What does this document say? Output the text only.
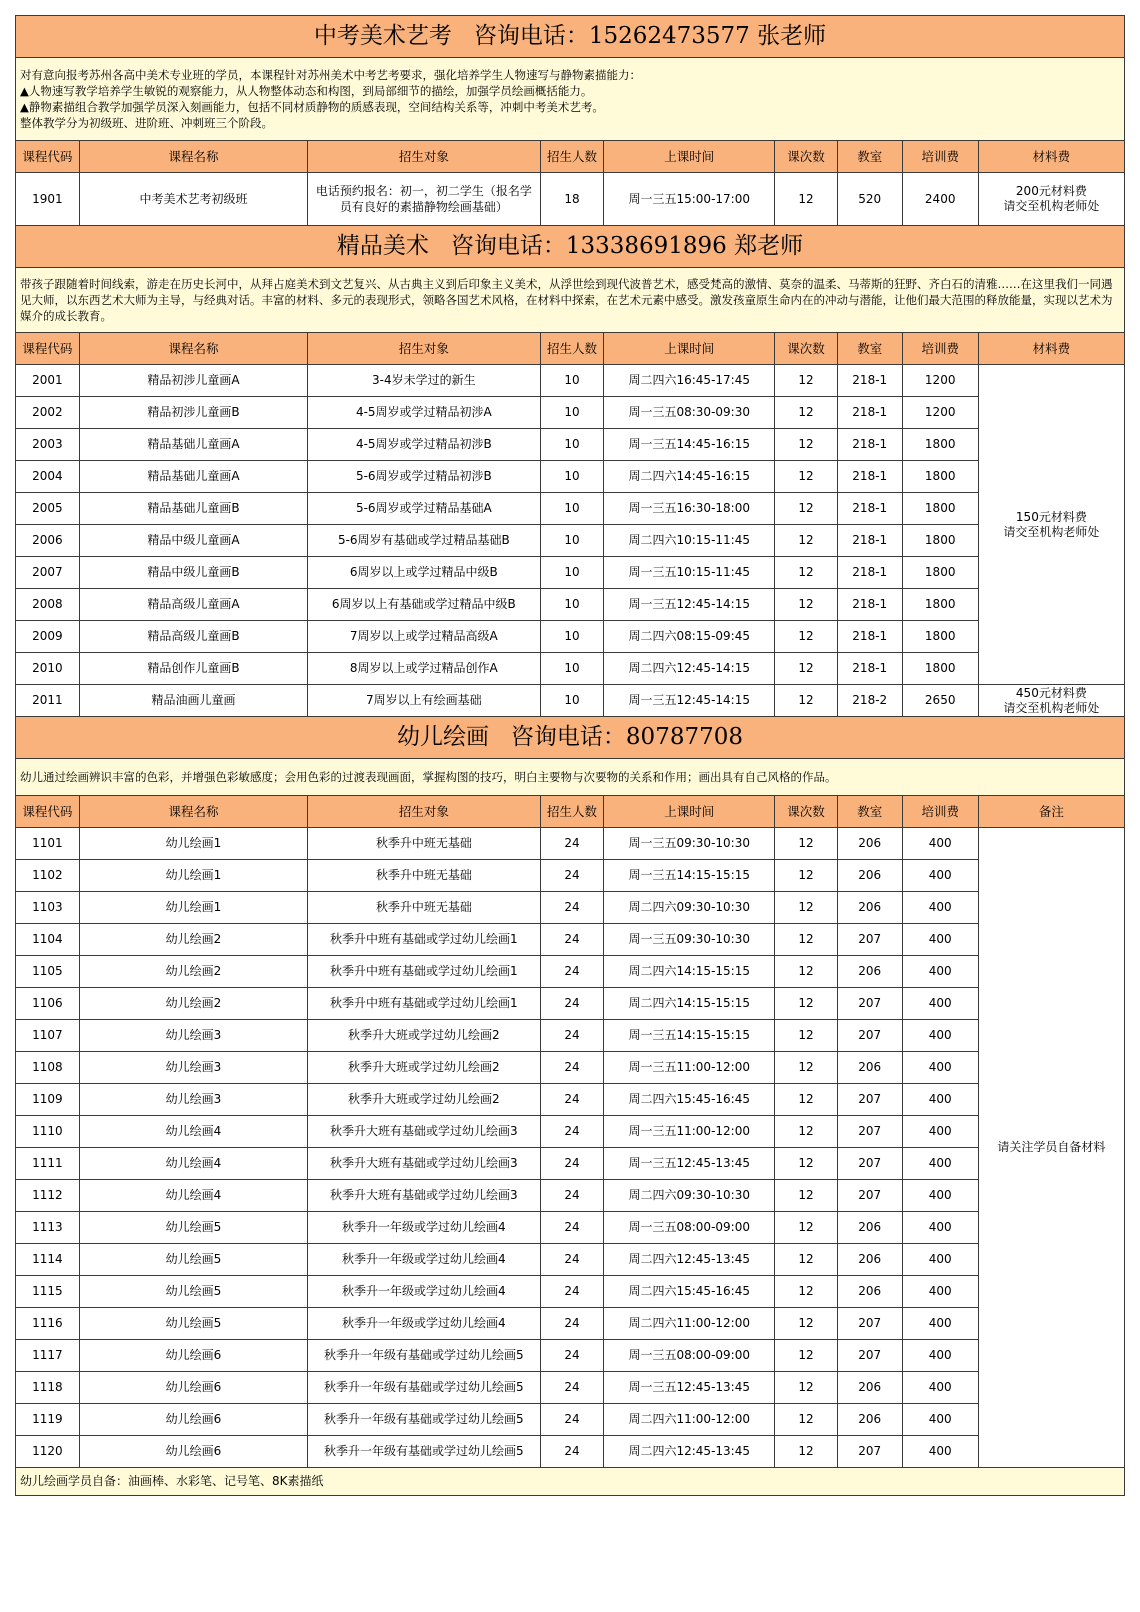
中考美术艺考 咨询电话：15262473577 张老师								

对有意向报考苏州各高中美术专业班的学员，本课程针对苏州美术中考艺考要求，强化培养学生人物速写与静物素描能力：
▲人物速写教学培养学生敏锐的观察能力，从人物整体动态和构图，到局部细节的描绘，加强学员绘画概括能力。
▲静物素描组合教学加强学员深入刻画能力，包括不同材质静物的质感表现，空间结构关系等，冲刺中考美术艺考。
整体教学分为初级班、进阶班、冲刺班三个阶段。								

课程代码	课程名称	招生对象	招生人数	上课时间	课次数	教室	培训费	材料费
1901	中考美术艺考初级班	电话预约报名：初一，初二学生（报名学员有良好的素描静物绘画基础）	18	周一三五15:00-17:00	12	520	2400	200元材料费
请交至机构老师处

精品美术 咨询电话：13338691896 郑老师								

带孩子跟随着时间线索，游走在历史长河中，从拜占庭美术到文艺复兴、从古典主义到后印象主义美术，从浮世绘到现代波普艺术，感受梵高的激情、莫奈的温柔、马蒂斯的狂野、齐白石的清雅……在这里我们一同遇见大师，以东西艺术大师为主导，与经典对话。丰富的材料、多元的表现形式，领略各国艺术风格，在材料中探索，在艺术元素中感受。激发孩童原生命内在的冲动与潜能，让他们最大范围的释放能量，实现以艺术为媒介的成长教育。								

课程代码	课程名称	招生对象	招生人数	上课时间	课次数	教室	培训费	材料费
2001	精品初涉儿童画A	3-4岁未学过的新生	10	周二四六16:45-17:45	12	218-1	1200	150元材料费
请交至机构老师处

2002	精品初涉儿童画B	4-5周岁或学过精品初涉A	10	周一三五08:30-09:30	12	218-1	1200	
2003	精品基础儿童画A	4-5周岁或学过精品初涉B	10	周一三五14:45-16:15	12	218-1	1800	
2004	精品基础儿童画A	5-6周岁或学过精品初涉B	10	周二四六14:45-16:15	12	218-1	1800	
2005	精品基础儿童画B	5-6周岁或学过精品基础A	10	周一三五16:30-18:00	12	218-1	1800	
2006	精品中级儿童画A	5-6周岁有基础或学过精品基础B	10	周二四六10:15-11:45	12	218-1	1800	
2007	精品中级儿童画B	6周岁以上或学过精品中级B	10	周一三五10:15-11:45	12	218-1	1800	
2008	精品高级儿童画A	6周岁以上有基础或学过精品中级B	10	周一三五12:45-14:15	12	218-1	1800	
2009	精品高级儿童画B	7周岁以上或学过精品高级A	10	周二四六08:15-09:45	12	218-1	1800	
2010	精品创作儿童画B	8周岁以上或学过精品创作A	10	周二四六12:45-14:15	12	218-1	1800	
2011	精品油画儿童画	7周岁以上有绘画基础	10	周一三五12:45-14:15	12	218-2	2650	450元材料费
请交至机构老师处

幼儿绘画 咨询电话：80787708								

幼儿通过绘画辨识丰富的色彩，并增强色彩敏感度；会用色彩的过渡表现画面，掌握构图的技巧，明白主要物与次要物的关系和作用；画出具有自己风格的作品。								

课程代码	课程名称	招生对象	招生人数	上课时间	课次数	教室	培训费	备注
1101	幼儿绘画1	秋季升中班无基础	24	周一三五09:30-10:30	12	206	400	请关注学员自备材料
1102	幼儿绘画1	秋季升中班无基础	24	周一三五14:15-15:15	12	206	400	
1103	幼儿绘画1	秋季升中班无基础	24	周二四六09:30-10:30	12	206	400	
1104	幼儿绘画2	秋季升中班有基础或学过幼儿绘画1	24	周一三五09:30-10:30	12	207	400	
1105	幼儿绘画2	秋季升中班有基础或学过幼儿绘画1	24	周二四六14:15-15:15	12	206	400	
1106	幼儿绘画2	秋季升中班有基础或学过幼儿绘画1	24	周二四六14:15-15:15	12	207	400	
1107	幼儿绘画3	秋季升大班或学过幼儿绘画2	24	周一三五14:15-15:15	12	207	400	
1108	幼儿绘画3	秋季升大班或学过幼儿绘画2	24	周一三五11:00-12:00	12	206	400	
1109	幼儿绘画3	秋季升大班或学过幼儿绘画2	24	周二四六15:45-16:45	12	207	400	
1110	幼儿绘画4	秋季升大班有基础或学过幼儿绘画3	24	周一三五11:00-12:00	12	207	400	
1111	幼儿绘画4	秋季升大班有基础或学过幼儿绘画3	24	周一三五12:45-13:45	12	207	400	
1112	幼儿绘画4	秋季升大班有基础或学过幼儿绘画3	24	周二四六09:30-10:30	12	207	400	
1113	幼儿绘画5	秋季升一年级或学过幼儿绘画4	24	周一三五08:00-09:00	12	206	400	
1114	幼儿绘画5	秋季升一年级或学过幼儿绘画4	24	周二四六12:45-13:45	12	206	400	
1115	幼儿绘画5	秋季升一年级或学过幼儿绘画4	24	周二四六15:45-16:45	12	206	400	
1116	幼儿绘画5	秋季升一年级或学过幼儿绘画4	24	周二四六11:00-12:00	12	207	400	
1117	幼儿绘画6	秋季升一年级有基础或学过幼儿绘画5	24	周一三五08:00-09:00	12	207	400	
1118	幼儿绘画6	秋季升一年级有基础或学过幼儿绘画5	24	周一三五12:45-13:45	12	206	400	
1119	幼儿绘画6	秋季升一年级有基础或学过幼儿绘画5	24	周二四六11:00-12:00	12	206	400	
1120	幼儿绘画6	秋季升一年级有基础或学过幼儿绘画5	24	周二四六12:45-13:45	12	207	400	
幼儿绘画学员自备：油画棒、水彩笔、记号笔、8K素描纸								
